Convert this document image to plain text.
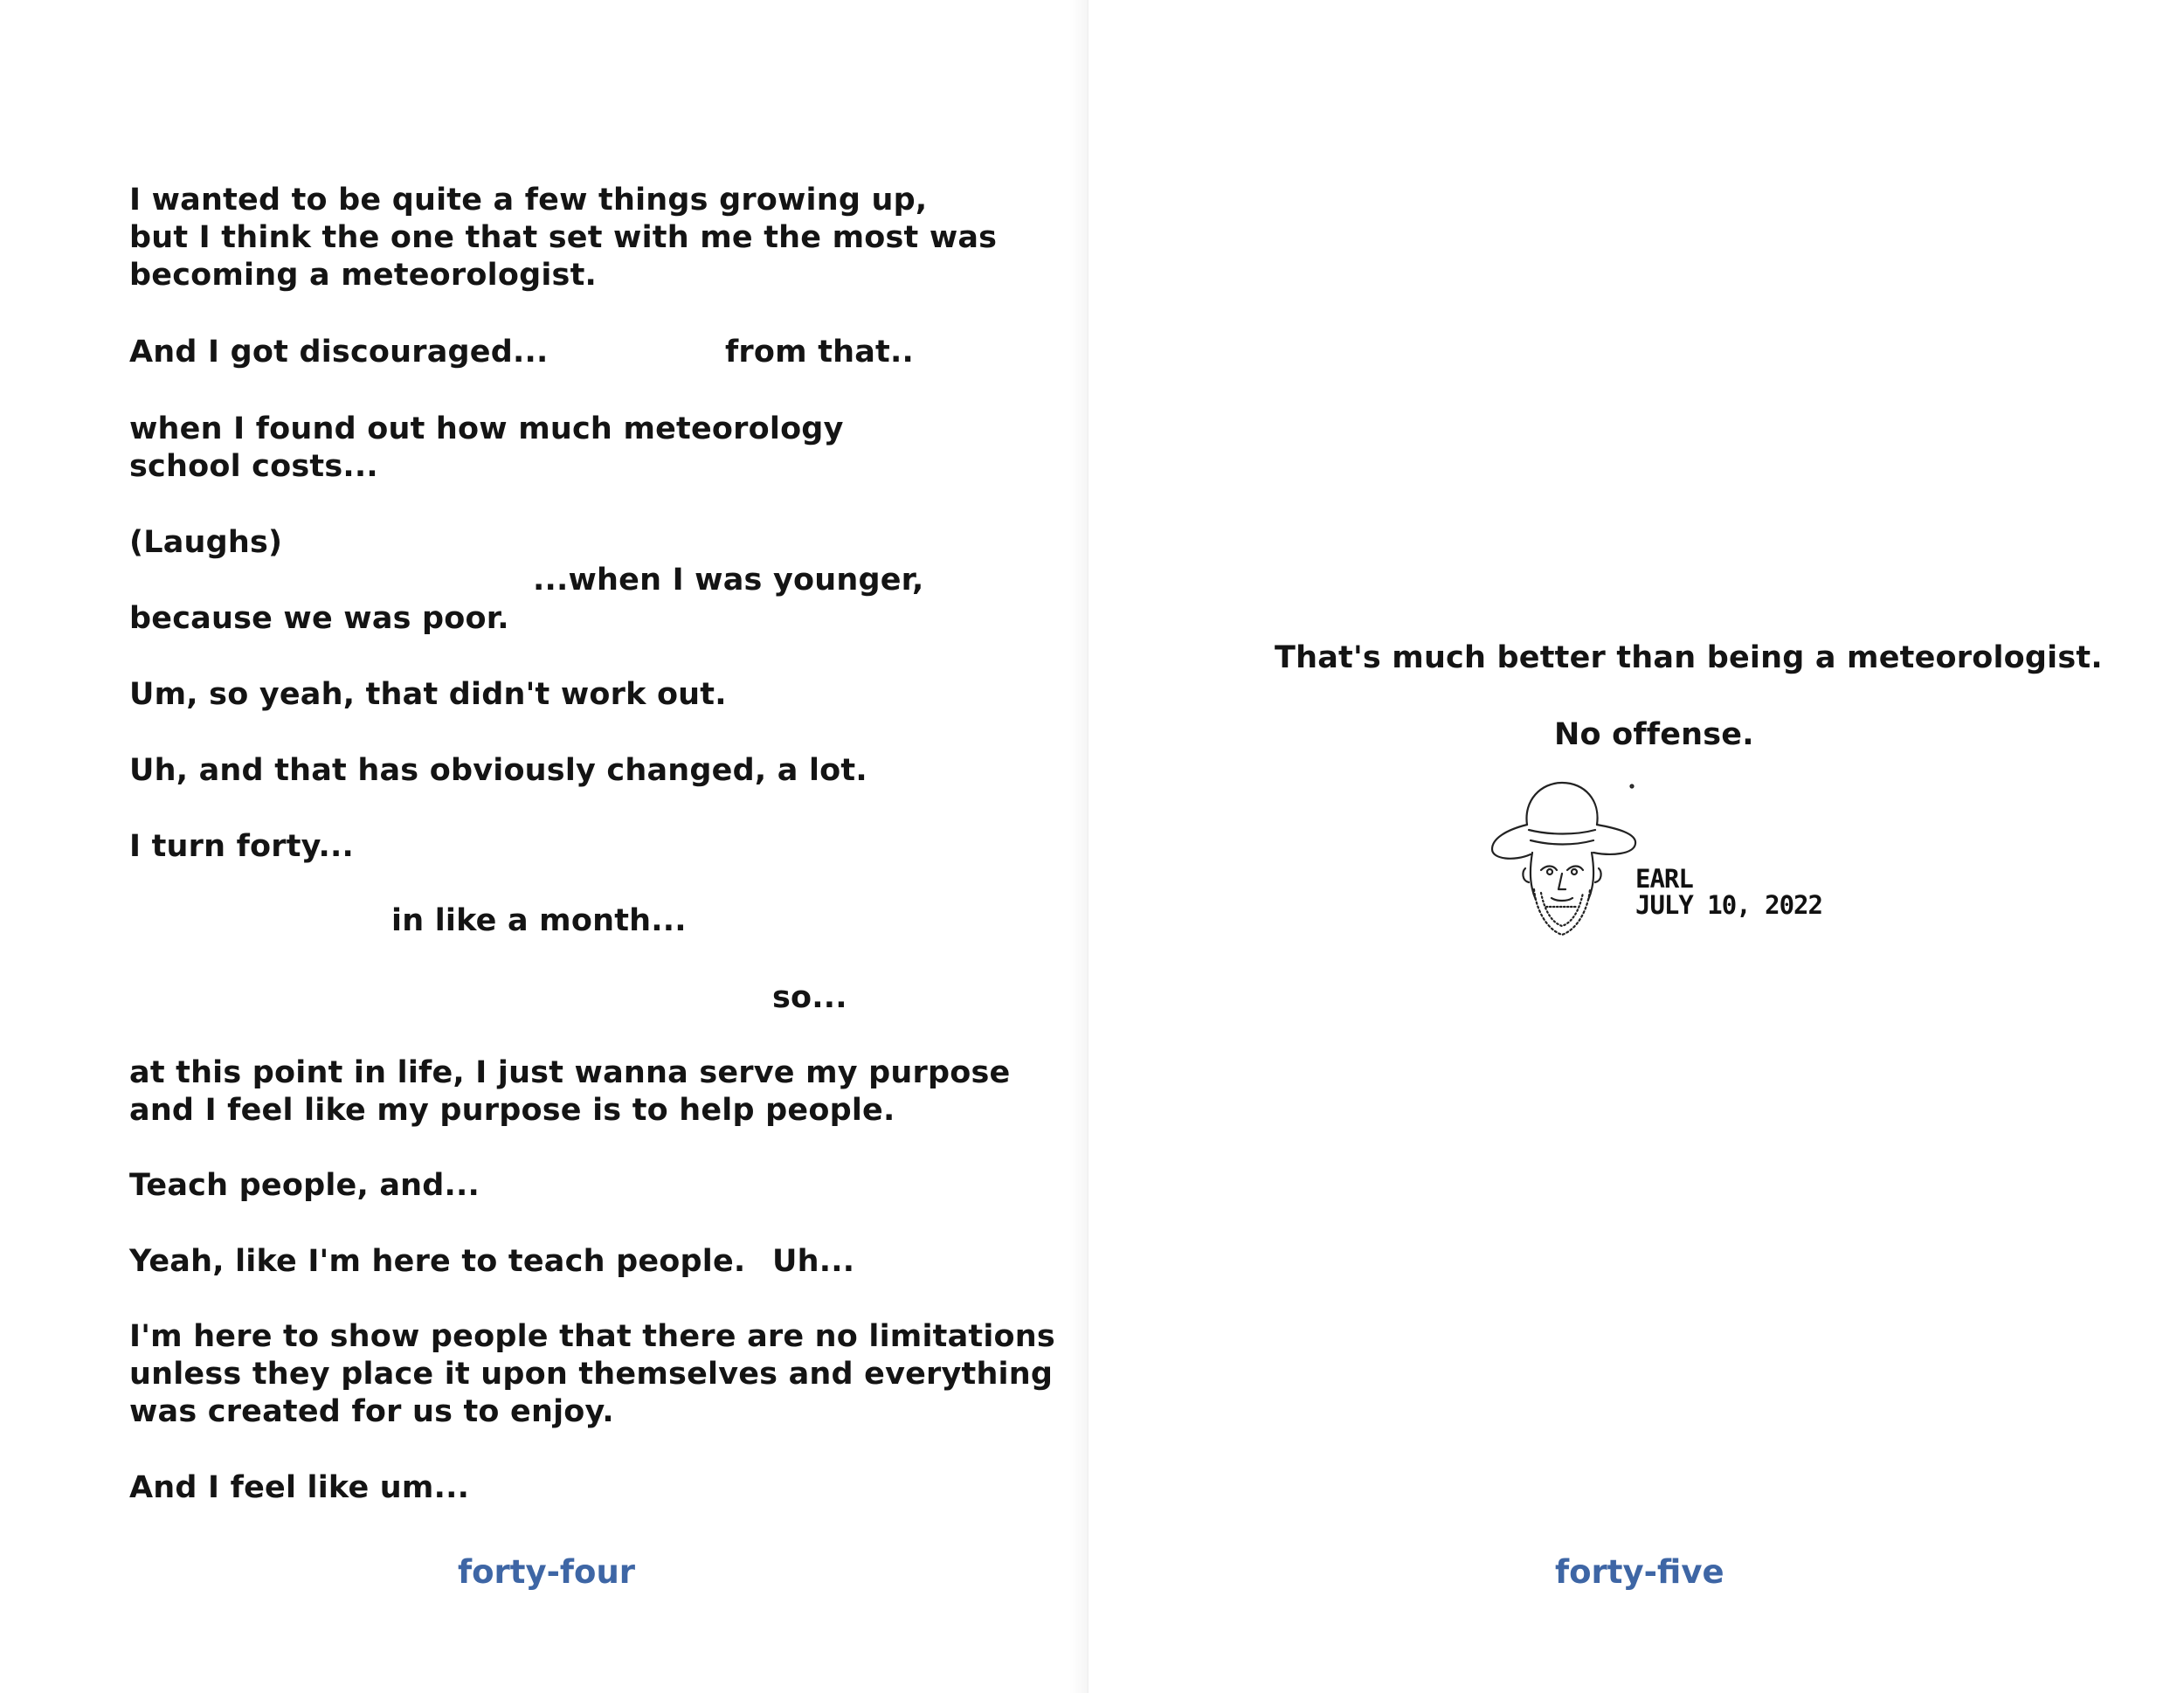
I wanted to be quite a few things growing up,
but I think the one that set with me the most was
becoming a meteorologist.

And I got discouraged...	from that..

when I found out how much meteorology
school costs...

(Laughs)

...when I was younger,

because we was poor.

Um, so yeah, that didn't work out.

Uh, and that has obviously changed, a lot.

I turn forty...

in like a month...

so...

at this point in life, I just wanna serve my purpose
and I feel like my purpose is to help people.

Teach people, and...

Yeah, like I'm here to teach people. Uh...

I'm here to show people that there are no limitations
unless they place it upon themselves and everything
was created for us to enjoy.

And I feel like um...

forty-four

That's much better than being a meteorologist.

No offense.

forty-five
EARL
JULY 10, 2022
